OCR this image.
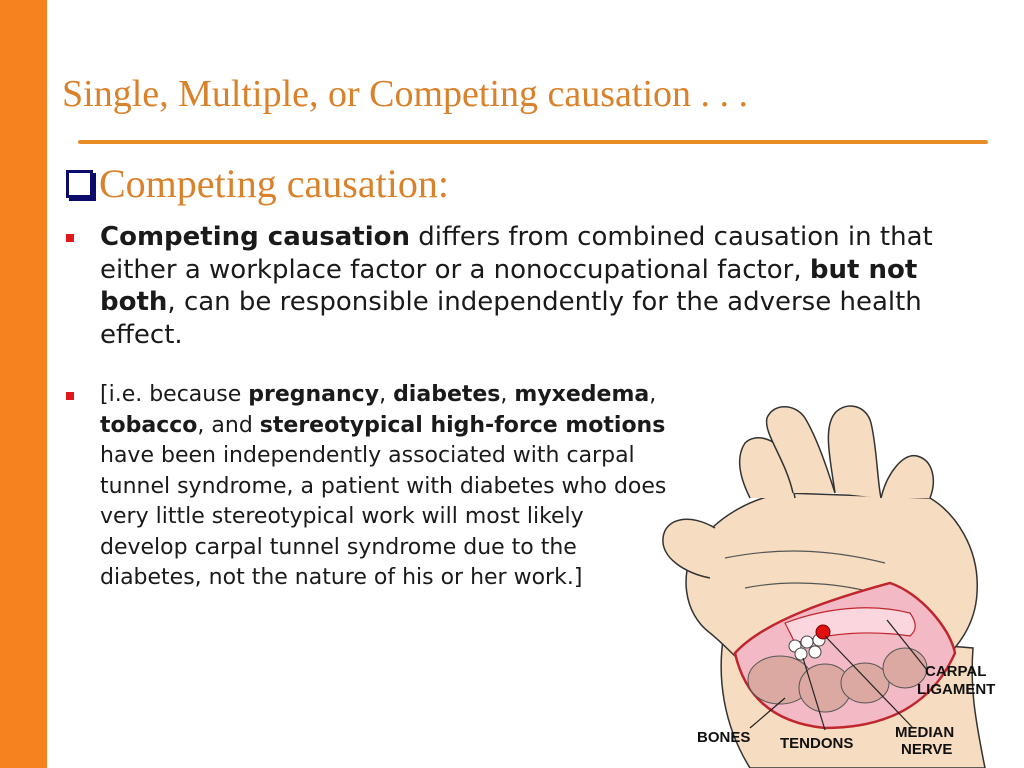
Single, Multiple, or Competing causation . . .
Competing causation:
Competing causation differs from combined causation in that either a workplace factor or a nonoccupational factor, but not both, can be responsible independently for the adverse health effect.
[i.e. because pregnancy, diabetes, myxedema, tobacco, and stereotypical high-force motions have been independently associated with carpal tunnel syndrome, a patient with diabetes who does very little stereotypical work will most likely develop carpal tunnel syndrome due to the diabetes, not the nature of his or her work.]
CARPAL
LIGAMENT
BONES TENDONS
MEDIAN
NERVE
